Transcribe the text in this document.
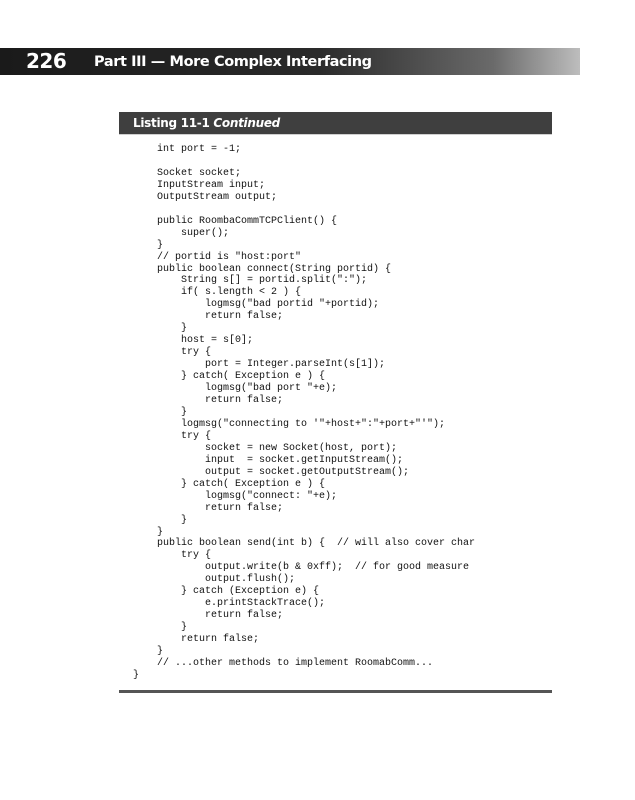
226 Part III — More Complex Interfacing
Listing 11-1 Continued
int port = -1;

Socket socket;
InputStream input;
OutputStream output;

public RoombaCommTCPClient() {
super();
}
// portid is "host:port"
public boolean connect(String portid) {
String s[] = portid.split(":");
if( s.length < 2 ) {
logmsg("bad portid "+portid);
return false;
}
host = s[0];
try {
port = Integer.parseInt(s[1]);
} catch( Exception e ) {
logmsg("bad port "+e);
return false;
}
logmsg("connecting to '"+host+":"+port+"'");
try {
socket = new Socket(host, port);
input  = socket.getInputStream();
output = socket.getOutputStream();
} catch( Exception e ) {
logmsg("connect: "+e);
return false;
}
}
public boolean send(int b) {  // will also cover char
try {
output.write(b & 0xff);  // for good measure
output.flush();
} catch (Exception e) {
e.printStackTrace();
return false;
}
return false;
}
// ...other methods to implement RoomabComm...
}
